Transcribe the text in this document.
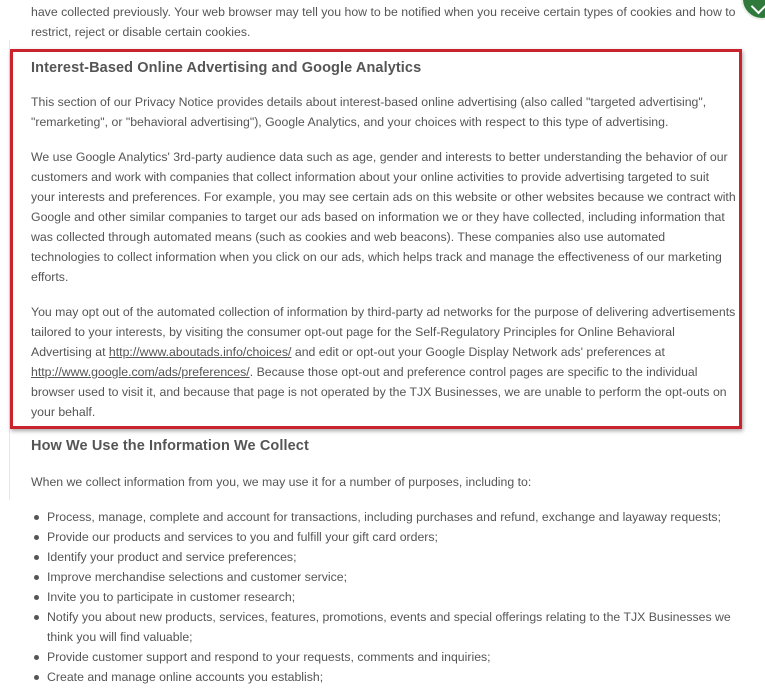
have collected previously. Your web browser may tell you how to be notified when you receive certain types of cookies and how to restrict, reject or disable certain cookies.

Interest-Based Online Advertising and Google Analytics

This section of our Privacy Notice provides details about interest-based online advertising (also called "targeted advertising", "remarketing", or "behavioral advertising"), Google Analytics, and your choices with respect to this type of advertising.

We use Google Analytics' 3rd-party audience data such as age, gender and interests to better understanding the behavior of our customers and work with companies that collect information about your online activities to provide advertising targeted to suit your interests and preferences. For example, you may see certain ads on this website or other websites because we contract with Google and other similar companies to target our ads based on information we or they have collected, including information that was collected through automated means (such as cookies and web beacons). These companies also use automated technologies to collect information when you click on our ads, which helps track and manage the effectiveness of our marketing efforts.

You may opt out of the automated collection of information by third-party ad networks for the purpose of delivering advertisements tailored to your interests, by visiting the consumer opt-out page for the Self-Regulatory Principles for Online Behavioral Advertising at http://www.aboutads.info/choices/ and edit or opt-out your Google Display Network ads' preferences at http://www.google.com/ads/preferences/. Because those opt-out and preference control pages are specific to the individual browser used to visit it, and because that page is not operated by the TJX Businesses, we are unable to perform the opt-outs on your behalf.

How We Use the Information We Collect

When we collect information from you, we may use it for a number of purposes, including to:

Process, manage, complete and account for transactions, including purchases and refund, exchange and layaway requests;
Provide our products and services to you and fulfill your gift card orders;
Identify your product and service preferences;
Improve merchandise selections and customer service;
Invite you to participate in customer research;
Notify you about new products, services, features, promotions, events and special offerings relating to the TJX Businesses we think you will find valuable;
Provide customer support and respond to your requests, comments and inquiries;
Create and manage online accounts you establish;
